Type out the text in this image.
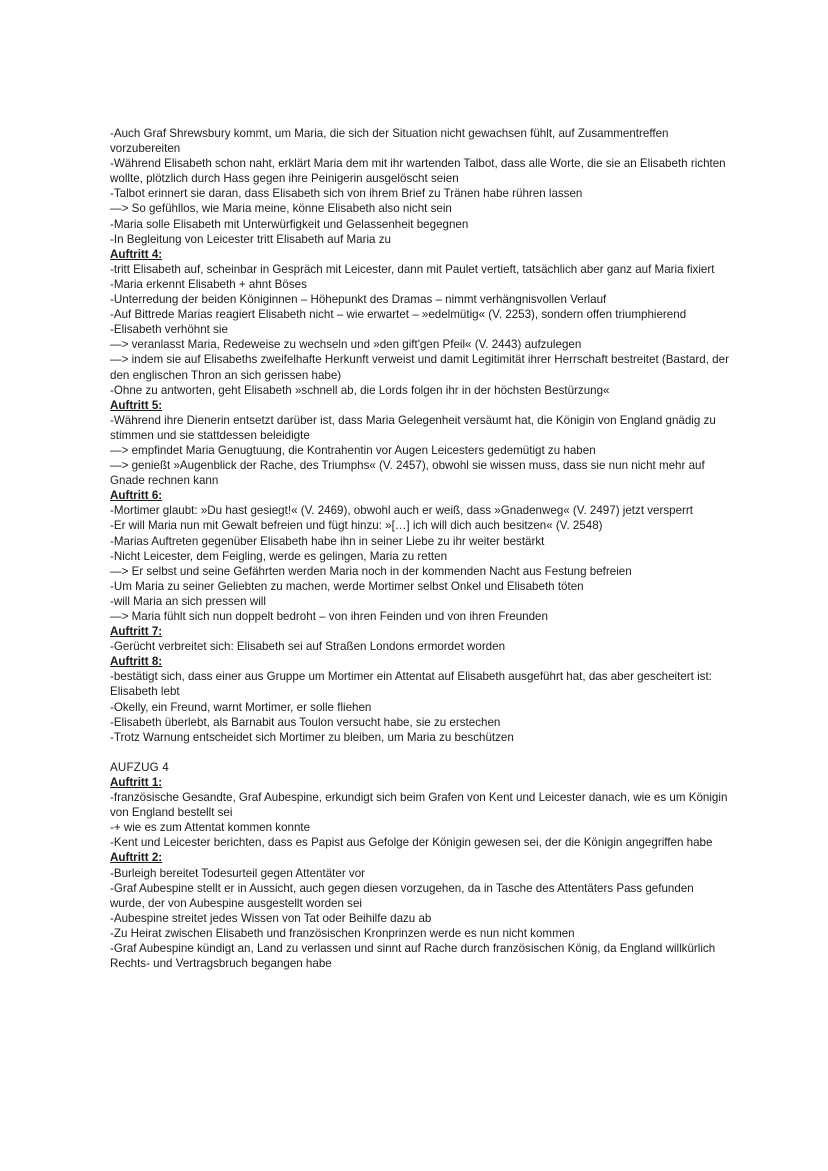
-Auch Graf Shrewsbury kommt, um Maria, die sich der Situation nicht gewachsen fühlt, auf Zusammentreffen vorzubereiten
-Während Elisabeth schon naht, erklärt Maria dem mit ihr wartenden Talbot, dass alle Worte, die sie an Elisabeth richten wollte, plötzlich durch Hass gegen ihre Peinigerin ausgelöscht seien
-Talbot erinnert sie daran, dass Elisabeth sich von ihrem Brief zu Tränen habe rühren lassen
—> So gefühllos, wie Maria meine, könne Elisabeth also nicht sein
-Maria solle Elisabeth mit Unterwürfigkeit und Gelassenheit begegnen
-In Begleitung von Leicester tritt Elisabeth auf Maria zu
Auftritt 4:
-tritt Elisabeth auf, scheinbar in Gespräch mit Leicester, dann mit Paulet vertieft, tatsächlich aber ganz auf Maria fixiert
-Maria erkennt Elisabeth + ahnt Böses
-Unterredung der beiden Königinnen – Höhepunkt des Dramas – nimmt verhängnisvollen Verlauf
-Auf Bittrede Marias reagiert Elisabeth nicht – wie erwartet – »edelmütig« (V. 2253), sondern offen triumphierend
-Elisabeth verhöhnt sie
—> veranlasst Maria, Redeweise zu wechseln und »den gift'gen Pfeil« (V. 2443) aufzulegen
—> indem sie auf Elisabeths zweifelhafte Herkunft verweist und damit Legitimität ihrer Herrschaft bestreitet (Bastard, der den englischen Thron an sich gerissen habe)
-Ohne zu antworten, geht Elisabeth »schnell ab, die Lords folgen ihr in der höchsten Bestürzung«
Auftritt 5:
-Während ihre Dienerin entsetzt darüber ist, dass Maria Gelegenheit versäumt hat, die Königin von England gnädig zu stimmen und sie stattdessen beleidigte
—> empfindet Maria Genugtuung, die Kontrahentin vor Augen Leicesters gedemütigt zu haben
—> genießt »Augenblick der Rache, des Triumphs« (V. 2457), obwohl sie wissen muss, dass sie nun nicht mehr auf Gnade rechnen kann
Auftritt 6:
-Mortimer glaubt: »Du hast gesiegt!« (V. 2469), obwohl auch er weiß, dass »Gnadenweg« (V. 2497) jetzt versperrt
-Er will Maria nun mit Gewalt befreien und fügt hinzu: »[…] ich will dich auch besitzen« (V. 2548)
-Marias Auftreten gegenüber Elisabeth habe ihn in seiner Liebe zu ihr weiter bestärkt
-Nicht Leicester, dem Feigling, werde es gelingen, Maria zu retten
—> Er selbst und seine Gefährten werden Maria noch in der kommenden Nacht aus Festung befreien
-Um Maria zu seiner Geliebten zu machen, werde Mortimer selbst Onkel und Elisabeth töten
-will Maria an sich pressen will
—> Maria fühlt sich nun doppelt bedroht – von ihren Feinden und von ihren Freunden
Auftritt 7:
-Gerücht verbreitet sich: Elisabeth sei auf Straßen Londons ermordet worden
Auftritt 8:
-bestätigt sich, dass einer aus Gruppe um Mortimer ein Attentat auf Elisabeth ausgeführt hat, das aber gescheitert ist: Elisabeth lebt
-Okelly, ein Freund, warnt Mortimer, er solle fliehen
-Elisabeth überlebt, als Barnabit aus Toulon versucht habe, sie zu erstechen
-Trotz Warnung entscheidet sich Mortimer zu bleiben, um Maria zu beschützen
AUFZUG 4
Auftritt 1:
-französische Gesandte, Graf Aubespine, erkundigt sich beim Grafen von Kent und Leicester danach, wie es um Königin von England bestellt sei
-+ wie es zum Attentat kommen konnte
-Kent und Leicester berichten, dass es Papist aus Gefolge der Königin gewesen sei, der die Königin angegriffen habe
Auftritt 2:
-Burleigh bereitet Todesurteil gegen Attentäter vor
-Graf Aubespine stellt er in Aussicht, auch gegen diesen vorzugehen, da in Tasche des Attentäters Pass gefunden wurde, der von Aubespine ausgestellt worden sei
-Aubespine streitet jedes Wissen von Tat oder Beihilfe dazu ab
-Zu Heirat zwischen Elisabeth und französischen Kronprinzen werde es nun nicht kommen
-Graf Aubespine kündigt an, Land zu verlassen und sinnt auf Rache durch französischen König, da England willkürlich Rechts- und Vertragsbruch begangen habe
